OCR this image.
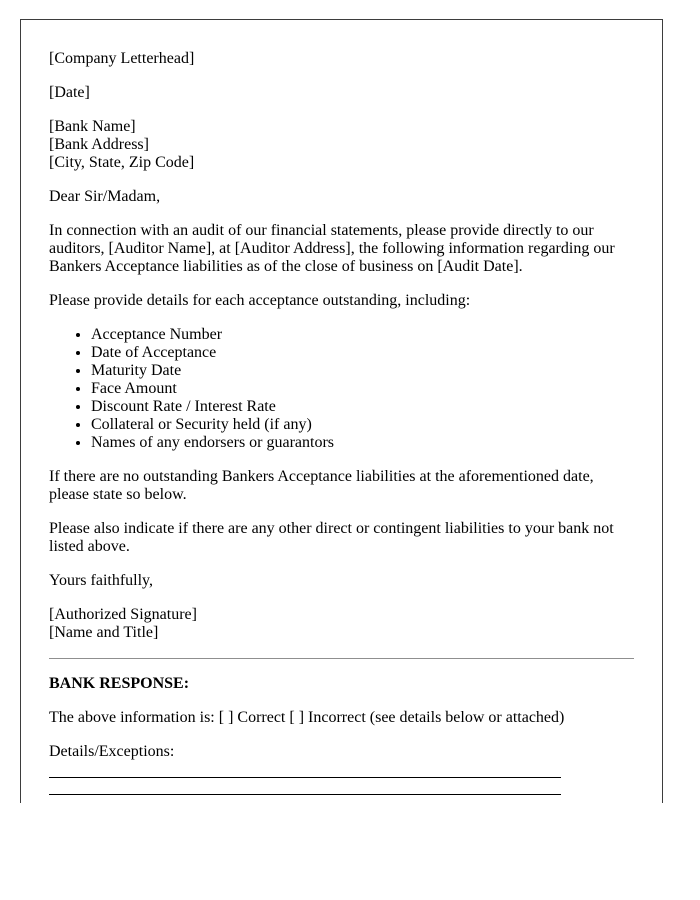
[Company Letterhead]

[Date]

[Bank Name]
[Bank Address]
[City, State, Zip Code]

Dear Sir/Madam,

In connection with an audit of our financial statements, please provide directly to our auditors, [Auditor Name], at [Auditor Address], the following information regarding our Bankers Acceptance liabilities as of the close of business on [Audit Date].

Please provide details for each acceptance outstanding, including:

• Acceptance Number
• Date of Acceptance
• Maturity Date
• Face Amount
• Discount Rate / Interest Rate
• Collateral or Security held (if any)
• Names of any endorsers or guarantors

If there are no outstanding Bankers Acceptance liabilities at the aforementioned date, please state so below.

Please also indicate if there are any other direct or contingent liabilities to your bank not listed above.

Yours faithfully,

[Authorized Signature]
[Name and Title]

BANK RESPONSE:

The above information is: [ ] Correct [ ] Incorrect (see details below or attached)

Details/Exceptions:
